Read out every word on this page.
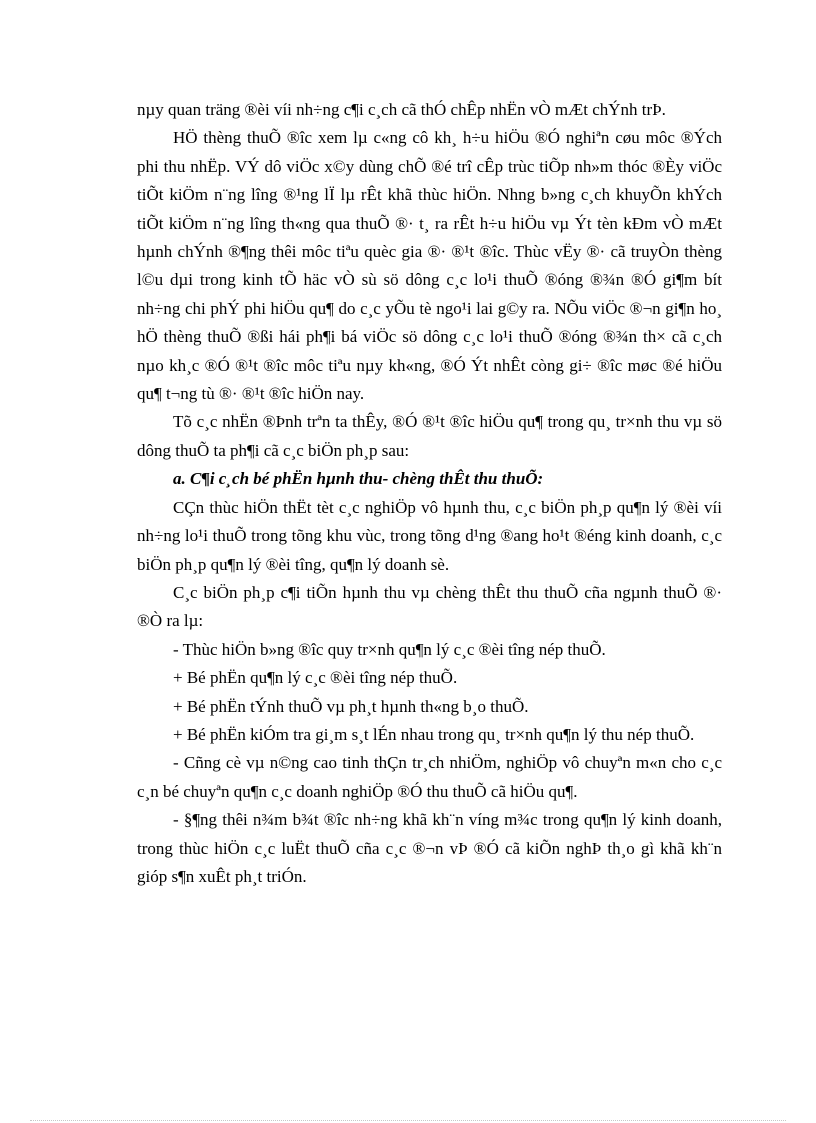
nµy quan träng ®èi víi nh÷ng c¶i c¸ch cã thÓ chÊp nhËn vÒ mÆt chÝnh trÞ.

HÖ thèng thuÕ ®îc xem lµ c«ng cô kh¸ h÷u hiÖu ®Ó nghiªn cøu môc ®Ých phi thu nhËp. VÝ dô viÖc x©y dùng chÕ ®é trî cÊp trùc tiÕp nh»m thóc ®Èy viÖc tiÕt kiÖm n¨ng lîng ®¹ng lÏ lµ rÊt khã thùc hiÖn. Nhng b»ng c¸ch khuyÕn khÝch tiÕt kiÖm n¨ng lîng th«ng qua thuÕ ®· t¸ ra rÊt h÷u hiÖu vµ Ýt tèn kÐm vÒ mÆt hµnh chÝnh ®¶ng thêi môc tiªu quèc gia ®· ®¹t ®îc. Thùc vËy ®· cã truyÒn thèng l©u dµi trong kinh tÕ häc vÒ sù sö dông c¸c lo¹i thuÕ ®óng ®¾n ®Ó gi¶m bít nh÷ng chi phÝ phi hiÖu qu¶ do c¸c yÕu tè ngo¹i lai g©y ra. NÕu viÖc ®¬n gi¶n ho¸ hÖ thèng thuÕ ®ßi hái ph¶i bá viÖc sö dông c¸c lo¹i thuÕ ®óng ®¾n th× cã c¸ch nµo kh¸c ®Ó ®¹t ®îc môc tiªu nµy kh«ng, ®Ó Ýt nhÊt còng gi÷ ®îc møc ®é hiÖu qu¶ t¬ng tù ®· ®¹t ®îc hiÖn nay.

Tõ c¸c nhËn ®Þnh trªn ta thÊy, ®Ó ®¹t ®îc hiÖu qu¶ trong qu¸ tr×nh thu vµ sö dông thuÕ ta ph¶i cã c¸c biÖn ph¸p sau:

a. C¶i c¸ch bé phËn hµnh thu- chèng thÊt thu thuÕ:

CÇn thùc hiÖn thËt tèt c¸c nghiÖp vô hµnh thu, c¸c biÖn ph¸p qu¶n lý ®èi víi nh÷ng lo¹i thuÕ trong tõng khu vùc, trong tõng d¹ng ®ang ho¹t ®éng kinh doanh, c¸c biÖn ph¸p qu¶n lý ®èi tîng, qu¶n lý doanh sè.

C¸c biÖn ph¸p c¶i tiÕn hµnh thu vµ chèng thÊt thu thuÕ cña ngµnh thuÕ ®· ®Ò ra lµ:

- Thùc hiÖn b»ng ®îc quy tr×nh qu¶n lý c¸c ®èi tîng nép thuÕ.

+ Bé phËn qu¶n lý c¸c ®èi tîng nép thuÕ.

+ Bé phËn tÝnh thuÕ vµ ph¸t hµnh th«ng b¸o thuÕ.

+ Bé phËn kiÓm tra gi¸m s¸t lÉn nhau trong qu¸ tr×nh qu¶n lý thu nép thuÕ.

- Cñng cè vµ n©ng cao tinh thÇn tr¸ch nhiÖm, nghiÖp vô chuyªn m«n cho c¸c c¸n bé chuyªn qu¶n c¸c doanh nghiÖp ®Ó thu thuÕ cã hiÖu qu¶.

- §¶ng thêi n¾m b¾t ®îc nh÷ng khã kh¨n víng m¾c trong qu¶n lý kinh doanh, trong thùc hiÖn c¸c luËt thuÕ cña c¸c ®¬n vÞ ®Ó cã kiÕn nghÞ th¸o gì khã kh¨n gióp s¶n xuÊt ph¸t triÓn.
